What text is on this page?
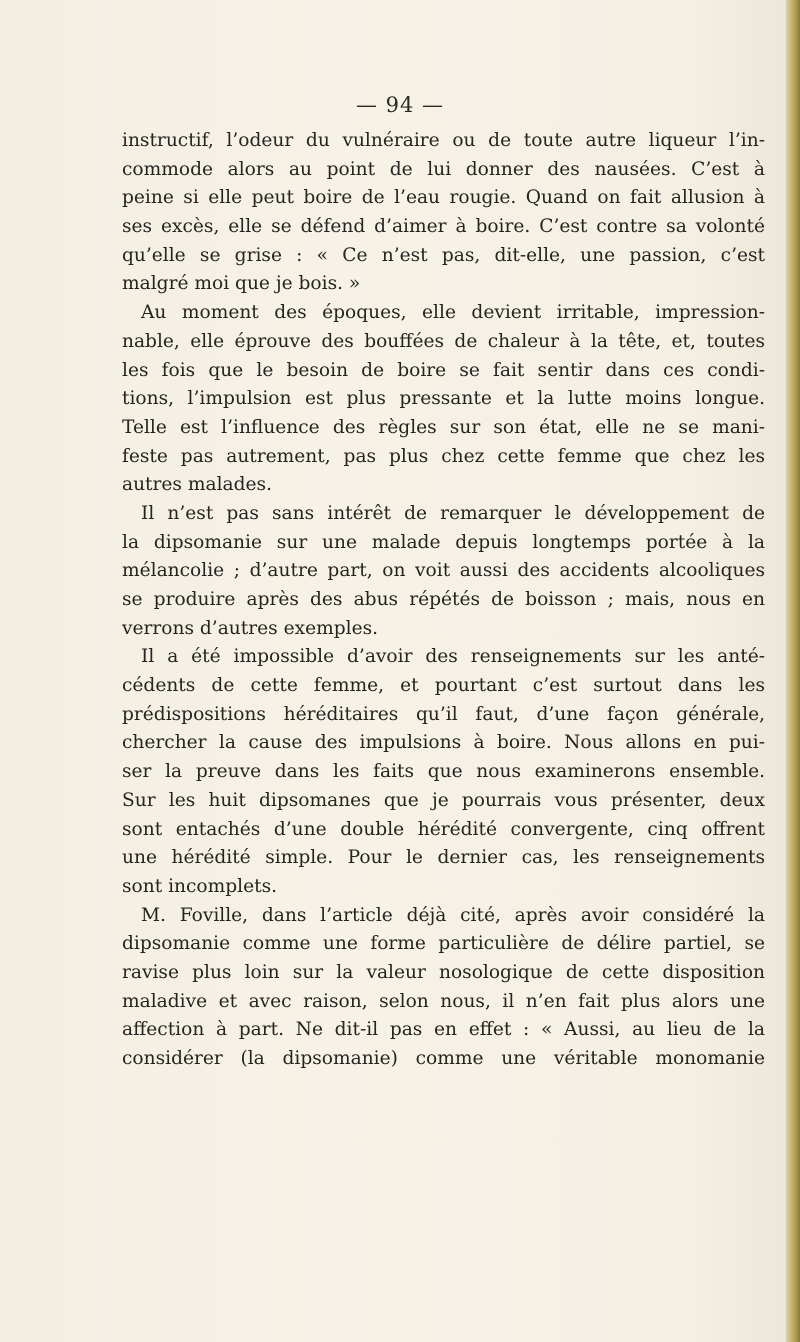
— 94 —
instructif, l’odeur du vulnéraire ou de toute autre liqueur l’in-
commode alors au point de lui donner des nausées. C’est à
peine si elle peut boire de l’eau rougie. Quand on fait allusion à
ses excès, elle se défend d’aimer à boire. C’est contre sa volonté
qu’elle se grise : « Ce n’est pas, dit-elle, une passion, c’est
malgré moi que je bois. »
Au moment des époques, elle devient irritable, impression-
nable, elle éprouve des bouffées de chaleur à la tête, et, toutes
les fois que le besoin de boire se fait sentir dans ces condi-
tions, l’impulsion est plus pressante et la lutte moins longue.
Telle est l’influence des règles sur son état, elle ne se mani-
feste pas autrement, pas plus chez cette femme que chez les
autres malades.
Il n’est pas sans intérêt de remarquer le développement de
la dipsomanie sur une malade depuis longtemps portée à la
mélancolie ; d’autre part, on voit aussi des accidents alcooliques
se produire après des abus répétés de boisson ; mais, nous en
verrons d’autres exemples.
Il a été impossible d’avoir des renseignements sur les anté-
cédents de cette femme, et pourtant c’est surtout dans les
prédispositions héréditaires qu’il faut, d’une façon générale,
chercher la cause des impulsions à boire. Nous allons en pui-
ser la preuve dans les faits que nous examinerons ensemble.
Sur les huit dipsomanes que je pourrais vous présenter, deux
sont entachés d’une double hérédité convergente, cinq offrent
une hérédité simple. Pour le dernier cas, les renseignements
sont incomplets.
M. Foville, dans l’article déjà cité, après avoir considéré la
dipsomanie comme une forme particulière de délire partiel, se
ravise plus loin sur la valeur nosologique de cette disposition
maladive et avec raison, selon nous, il n’en fait plus alors une
affection à part. Ne dit-il pas en effet : « Aussi, au lieu de la
considérer (la dipsomanie) comme une véritable monomanie
